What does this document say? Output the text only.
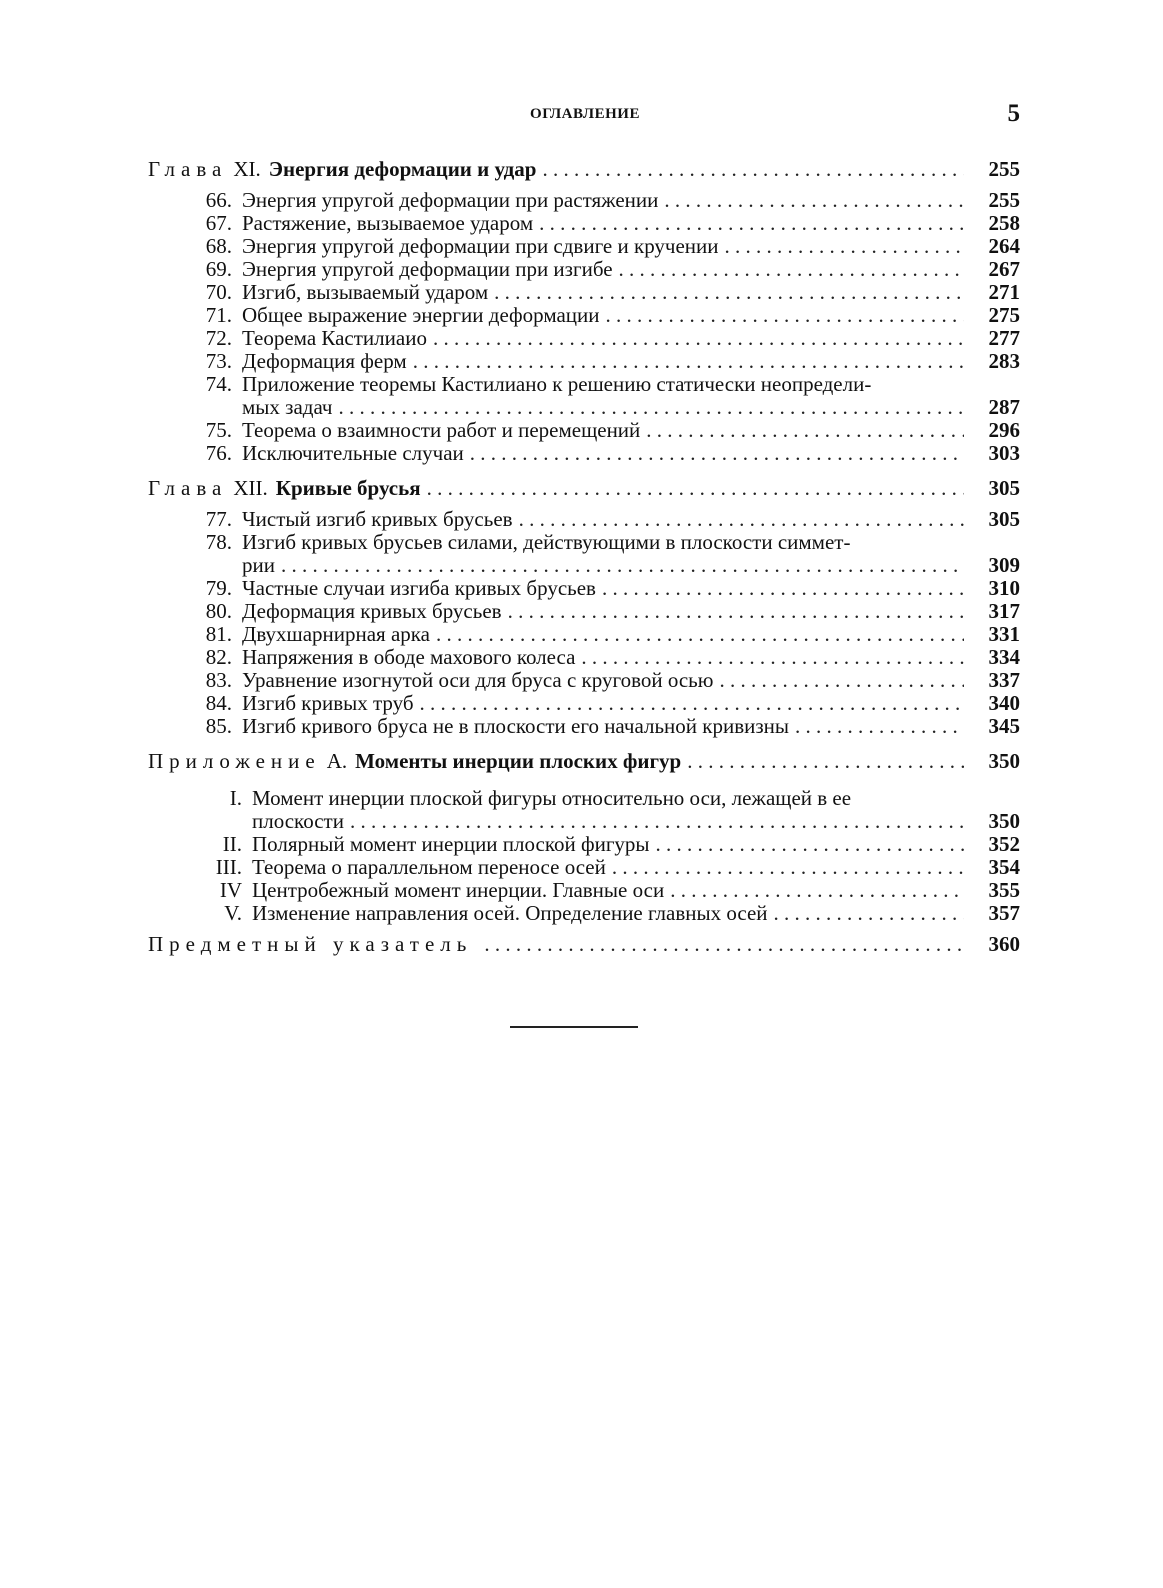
ОГЛАВЛЕНИЕ	5
Глава XI. Энергия деформации и удар . . .	255
66. Энергия упругой деформации при растяжении . . .	255
67. Растяжение, вызываемое ударом . . .	258
68. Энергия упругой деформации при сдвиге и кручении . . .	264
69. Энергия упругой деформации при изгибе . . .	267
70. Изгиб, вызываемый ударом . . .	271
71. Общее выражение энергии деформации . . .	275
72. Теорема Кастилиаио . . .	277
73. Деформация ферм . . .	283
74. Приложение теоремы Кастилиано к решению статически неопредели-
мых задач . . .	287
75. Теорема о взаимности работ и перемещений . . .	296
76. Исключительные случаи . . .	303
Глава XII. Кривые брусья . . .	305
77. Чистый изгиб кривых брусьев . . .	305
78. Изгиб кривых брусьев силами, действующими в плоскости симмет-
рии . . .	309
79. Частные случаи изгиба кривых брусьев . . .	310
80. Деформация кривых брусьев . . .	317
81. Двухшарнирная арка . . .	331
82. Напряжения в ободе махового колеса . . .	334
83. Уравнение изогнутой оси для бруса с круговой осью . . .	337
84. Изгиб кривых труб . . .	340
85. Изгиб кривого бруса не в плоскости его начальной кривизны . . .	345
Приложение А. Моменты инерции плоских фигур . . .	350
I. Момент инерции плоской фигуры относительно оси, лежащей в ее
плоскости . . .	350
II. Полярный момент инерции плоской фигуры . . .	352
III. Теорема о параллельном переносе осей . . .	354
IV Центробежный момент инерции. Главные оси . . .	355
V. Изменение направления осей. Определение главных осей . . .	357
Предметный указатель . . .	360
